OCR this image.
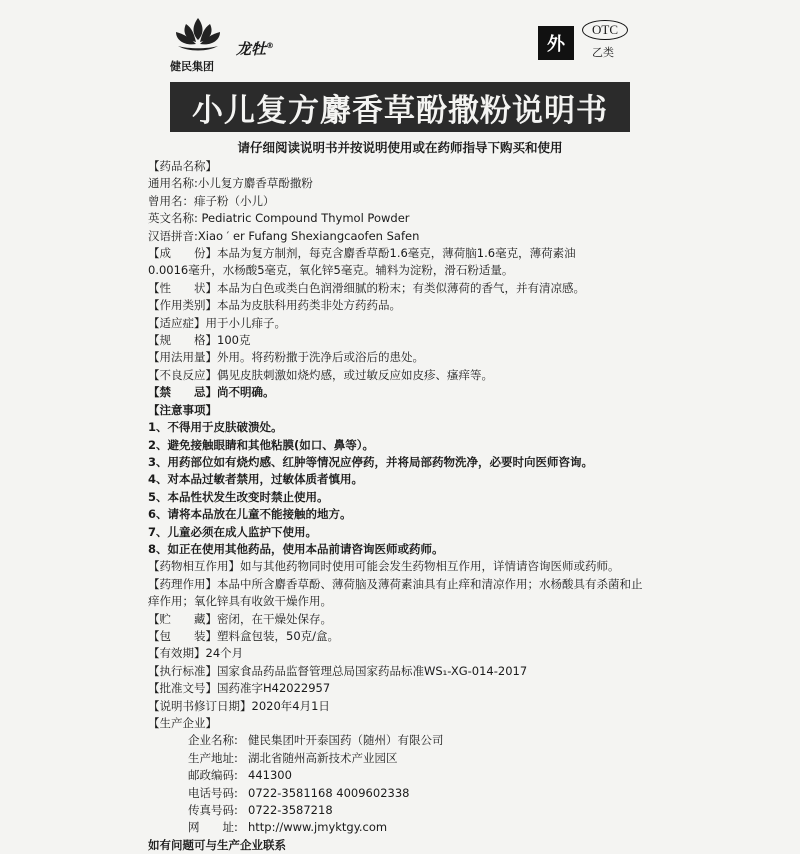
龙牡®
健民集团
外
OTC
乙类
小儿复方麝香草酚撒粉说明书
请仔细阅读说明书并按说明使用或在药师指导下购买和使用

【药品名称】

通用名称:小儿复方麝香草酚撒粉

曾用名：痱子粉（小儿）

英文名称: Pediatric Compound Thymol Powder

汉语拼音:Xiao ′ er Fufang Shexiangcaofen Safen

【成　　份】本品为复方制剂，每克含麝香草酚1.6毫克，薄荷脑1.6毫克，薄荷素油

0.0016毫升，水杨酸5毫克，氧化锌5毫克。辅料为淀粉，滑石粉适量。

【性　　状】本品为白色或类白色润滑细腻的粉末；有类似薄荷的香气，并有清凉感。

【作用类别】本品为皮肤科用药类非处方药药品。

【适应症】用于小儿痱子。

【规　　格】100克

【用法用量】外用。将药粉撒于洗净后或浴后的患处。

【不良反应】偶见皮肤刺激如烧灼感，或过敏反应如皮疹、瘙痒等。

【禁　　忌】尚不明确。

【注意事项】

1、不得用于皮肤破溃处。

2、避免接触眼睛和其他粘膜(如口、鼻等）。

3、用药部位如有烧灼感、红肿等情况应停药，并将局部药物洗净，必要时向医师咨询。

4、对本品过敏者禁用，过敏体质者慎用。

5、本品性状发生改变时禁止使用。

6、请将本品放在儿童不能接触的地方。

7、儿童必须在成人监护下使用。

8、如正在使用其他药品，使用本品前请咨询医师或药师。

【药物相互作用】如与其他药物同时使用可能会发生药物相互作用，详情请咨询医师或药师。

【药理作用】本品中所含麝香草酚、薄荷脑及薄荷素油具有止痒和清凉作用；水杨酸具有杀菌和止痒作用；氧化锌具有收敛干燥作用。

【贮　　藏】密闭，在干燥处保存。

【包　　装】塑料盒包装，50克/盒。

【有效期】24个月

【执行标准】国家食品药品监督管理总局国家药品标准WS₁-XG-014-2017

【批准文号】国药准字H42022957

【说明书修订日期】2020年4月1日

【生产企业】

企业名称: 健民集团叶开泰国药（随州）有限公司

生产地址: 湖北省随州高新技术产业园区

邮政编码: 441300

电话号码: 0722-3581168 4009602338

传真号码: 0722-3587218

网　　址: http://www.jmyktgy.com

如有问题可与生产企业联系
